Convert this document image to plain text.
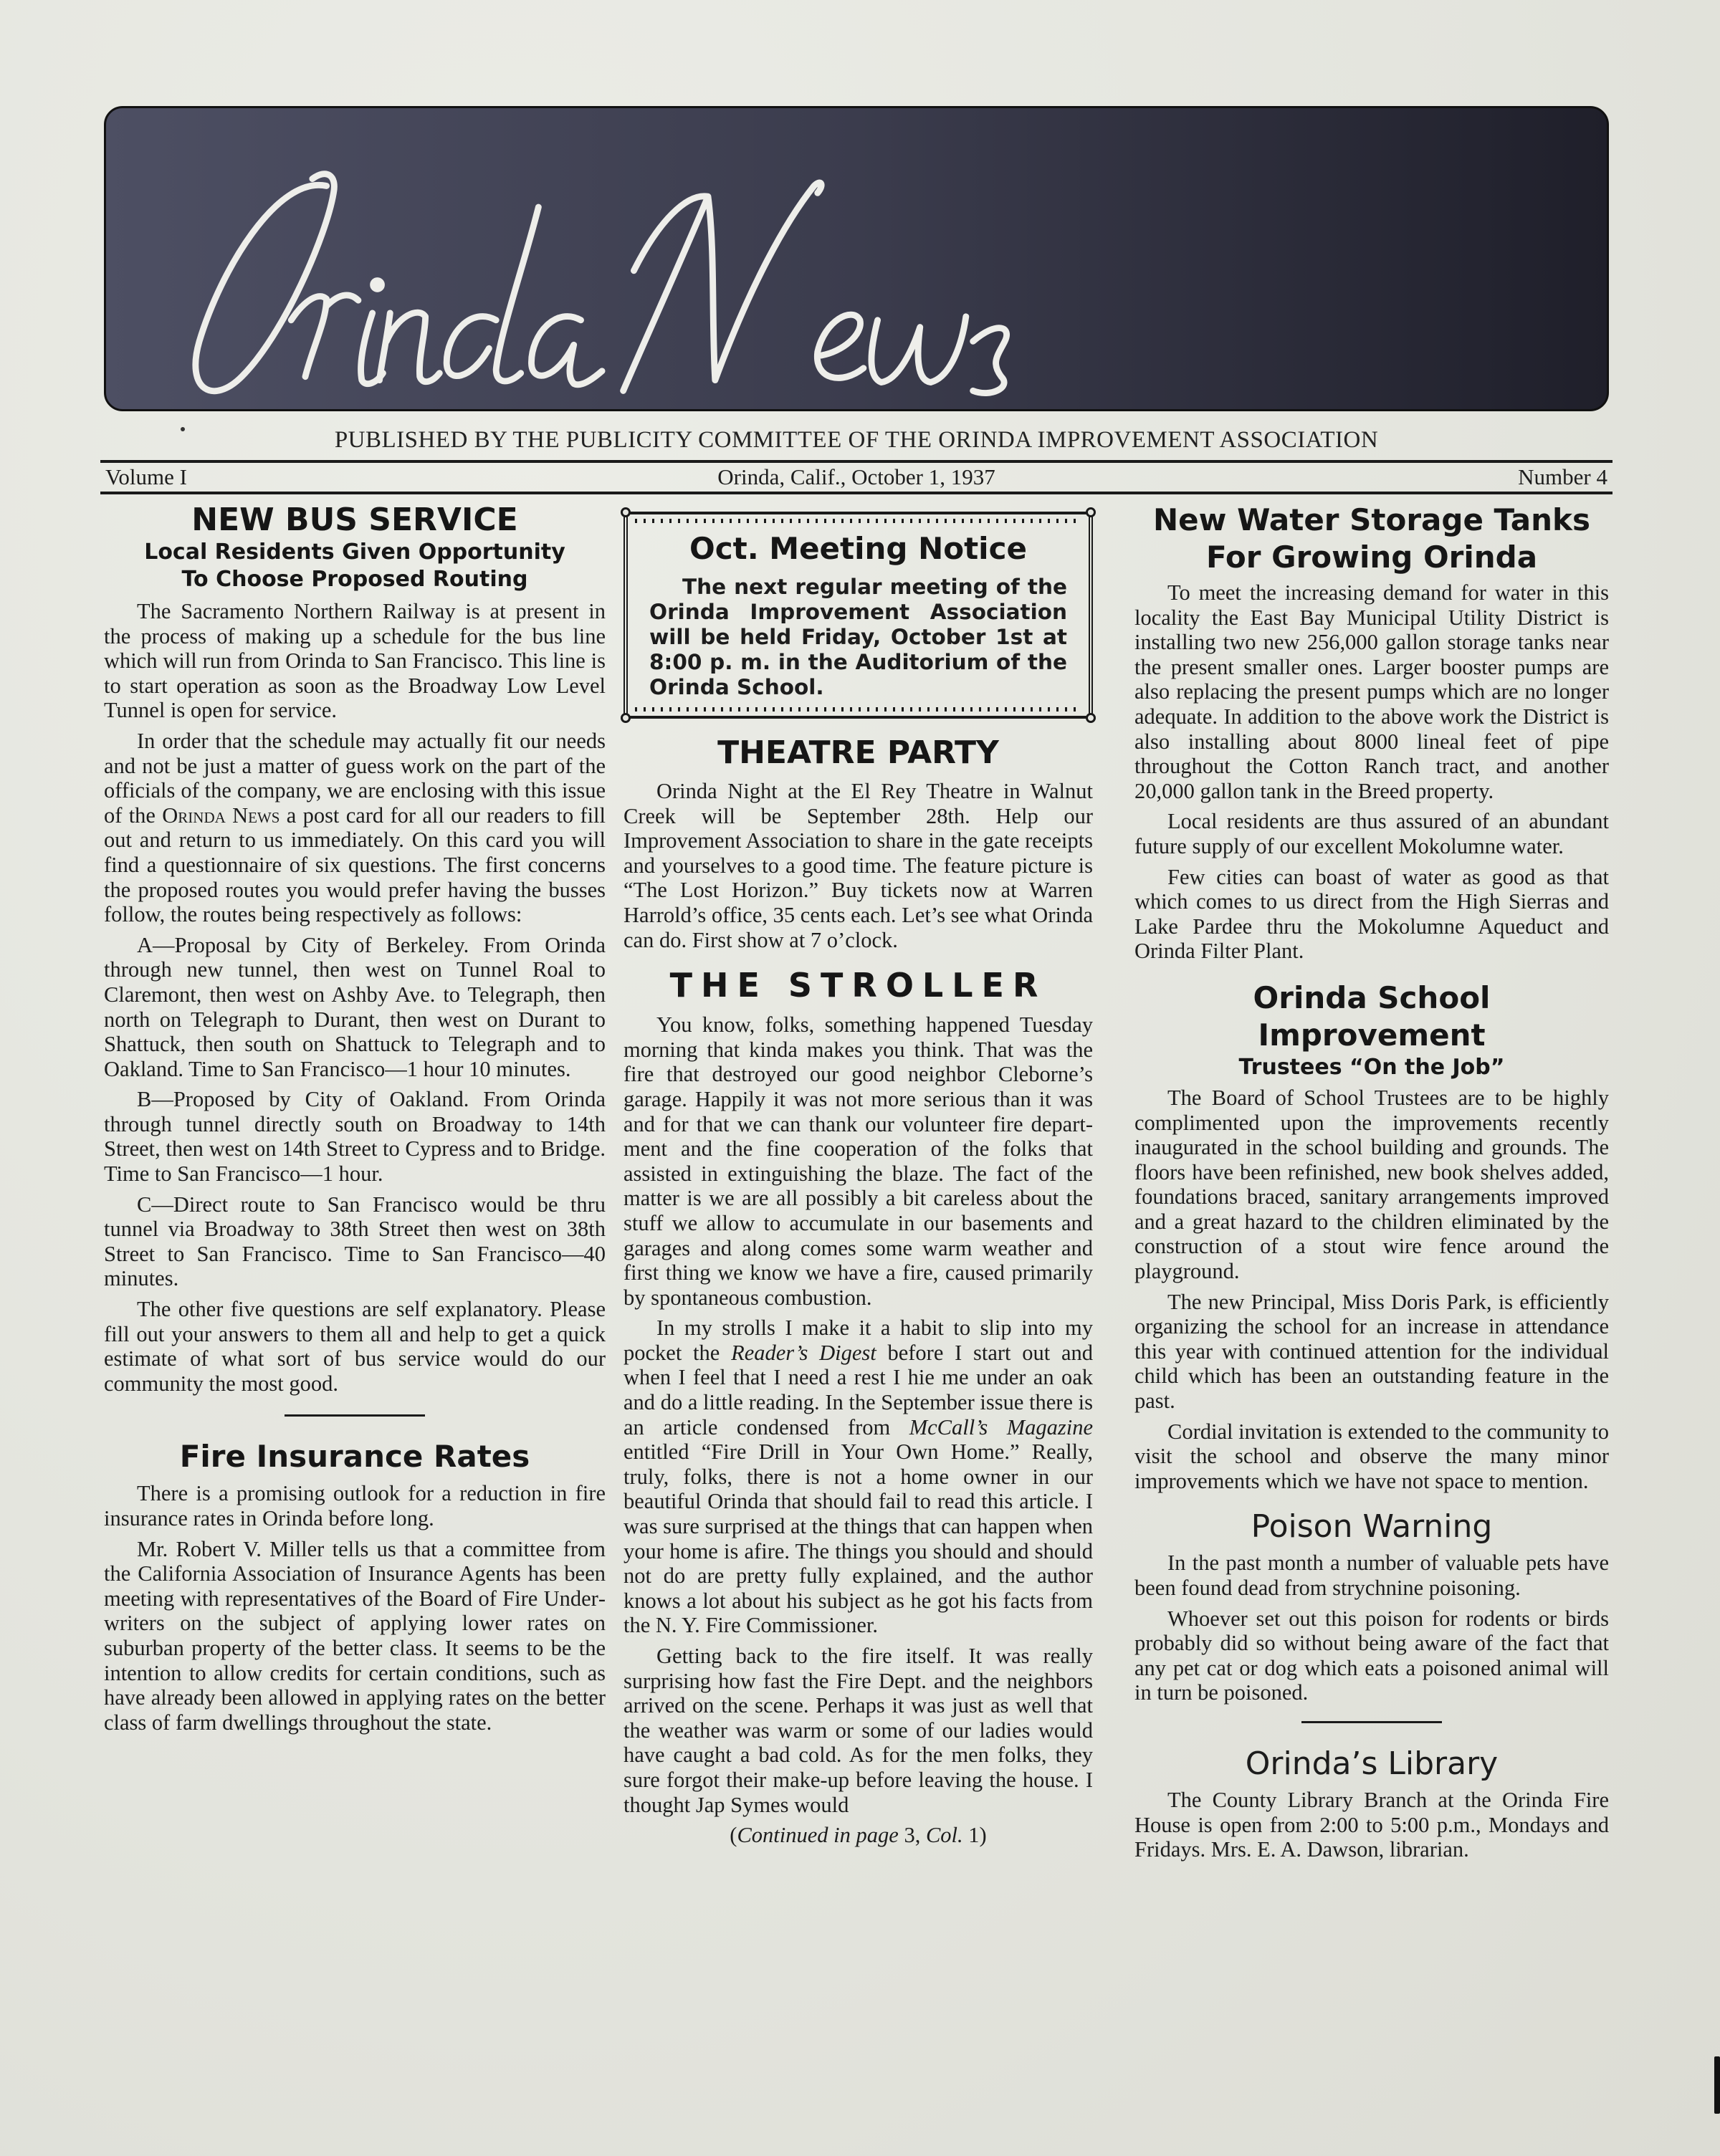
PUBLISHED BY THE PUBLICITY COMMITTEE OF THE ORINDA IMPROVEMENT ASSOCIATION
Volume I	Orinda, Calif., October 1, 1937	Number 4
NEW BUS SERVICE
Local Residents Given Opportunity
To Choose Proposed Routing

The Sacramento Northern Railway is at present in the process of making up a schedule for the bus line which will run from Orinda to San Francisco. This line is to start operation as soon as the Broadway Low Level Tunnel is open for service.

In order that the schedule may actually fit our needs and not be just a matter of guess work on the part of the officials of the company, we are enclosing with this issue of the Orinda News a post card for all our readers to fill out and return to us immediately. On this card you will find a questionnaire of six questions. The first concerns the proposed routes you would prefer having the busses follow, the routes being respectively as follows:

A—Proposal by City of Berkeley. From Orinda through new tunnel, then west on Tunnel Roal to Claremont, then west on Ashby Ave. to Telegraph, then north on Telegraph to Durant, then west on Durant to Shattuck, then south on Shattuck to Telegraph and to Oakland. Time to San Francisco—1 hour 10 minutes.

B—Proposed by City of Oakland. From Orinda through tunnel directly south on Broadway to 14th Street, then west on 14th Street to Cypress and to Bridge. Time to San Francisco—1 hour.

C—Direct route to San Francisco would be thru tunnel via Broadway to 38th Street then west on 38th Street to San Francisco. Time to San Francisco—40 minutes.

The other five questions are self explanatory. Please fill out your answers to them all and help to get a quick estimate of what sort of bus service would do our community the most good.

Fire Insurance Rates

There is a promising outlook for a reduction in fire insurance rates in Orinda before long.

Mr. Robert V. Miller tells us that a committee from the California Association of Insurance Agents has been meeting with representatives of the Board of Fire Underwriters on the subject of applying lower rates on suburban property of the better class. It seems to be the intention to allow credits for certain conditions, such as have already been allowed in applying rates on the better class of farm dwellings throughout the state.

Oct. Meeting Notice
The next regular meeting of the Orinda Improvement Association will be held Friday, October 1st at 8:00 p. m. in the Auditorium of the Orinda School.
THEATRE PARTY

Orinda Night at the El Rey Theatre in Walnut Creek will be September 28th. Help our Improvement Association to share in the gate receipts and yourselves to a good time. The feature picture is “The Lost Horizon.” Buy tickets now at Warren Harrold’s office, 35 cents each. Let’s see what Orinda can do. First show at 7 o’clock.

THE STROLLER

You know, folks, something happened Tuesday morning that kinda makes you think. That was the fire that destroyed our good neighbor Cleborne’s garage. Happily it was not more serious than it was and for that we can thank our volunteer fire department and the fine cooperation of the folks that assisted in extinguishing the blaze. The fact of the matter is we are all possibly a bit careless about the stuff we allow to accumulate in our basements and garages and along comes some warm weather and first thing we know we have a fire, caused primarily by spontaneous combustion.

In my strolls I make it a habit to slip into my pocket the Reader’s Digest before I start out and when I feel that I need a rest I hie me under an oak and do a little reading. In the September issue there is an article condensed from McCall’s Magazine entitled “Fire Drill in Your Own Home.” Really, truly, folks, there is not a home owner in our beautiful Orinda that should fail to read this article. I was sure surprised at the things that can happen when your home is afire. The things you should and should not do are pretty fully explained, and the author knows a lot about his subject as he got his facts from the N. Y. Fire Commissioner.

Getting back to the fire itself. It was really surprising how fast the Fire Dept. and the neighbors arrived on the scene. Perhaps it was just as well that the weather was warm or some of our ladies would have caught a bad cold. As for the men folks, they sure forgot their make-up before leaving the house. I thought Jap Symes would

(Continued in page 3, Col. 1)
New Water Storage Tanks
For Growing Orinda

To meet the increasing demand for water in this locality the East Bay Municipal Utility District is installing two new 256,000 gallon storage tanks near the present smaller ones. Larger booster pumps are also replacing the present pumps which are no longer adequate. In addition to the above work the District is also installing about 8000 lineal feet of pipe throughout the Cotton Ranch tract, and another 20,000 gallon tank in the Breed property.

Local residents are thus assured of an abundant future supply of our excellent Mokolumne water.

Few cities can boast of water as good as that which comes to us direct from the High Sierras and Lake Pardee thru the Mokolumne Aqueduct and Orinda Filter Plant.

Orinda School Improvement
Trustees “On the Job”

The Board of School Trustees are to be highly complimented upon the improvements recently inaugurated in the school building and grounds. The floors have been refinished, new book shelves added, foundations braced, sanitary arrangements improved and a great hazard to the children eliminated by the construction of a stout wire fence around the playground.

The new Principal, Miss Doris Park, is efficiently organizing the school for an increase in attendance this year with continued attention for the individual child which has been an outstanding feature in the past.

Cordial invitation is extended to the community to visit the school and observe the many minor improvements which we have not space to mention.

Poison Warning

In the past month a number of valuable pets have been found dead from strychnine poisoning.

Whoever set out this poison for rodents or birds probably did so without being aware of the fact that any pet cat or dog which eats a poisoned animal will in turn be poisoned.

Orinda’s Library

The County Library Branch at the Orinda Fire House is open from 2:00 to 5:00 p.m., Mondays and Fridays. Mrs. E. A. Dawson, librarian.
